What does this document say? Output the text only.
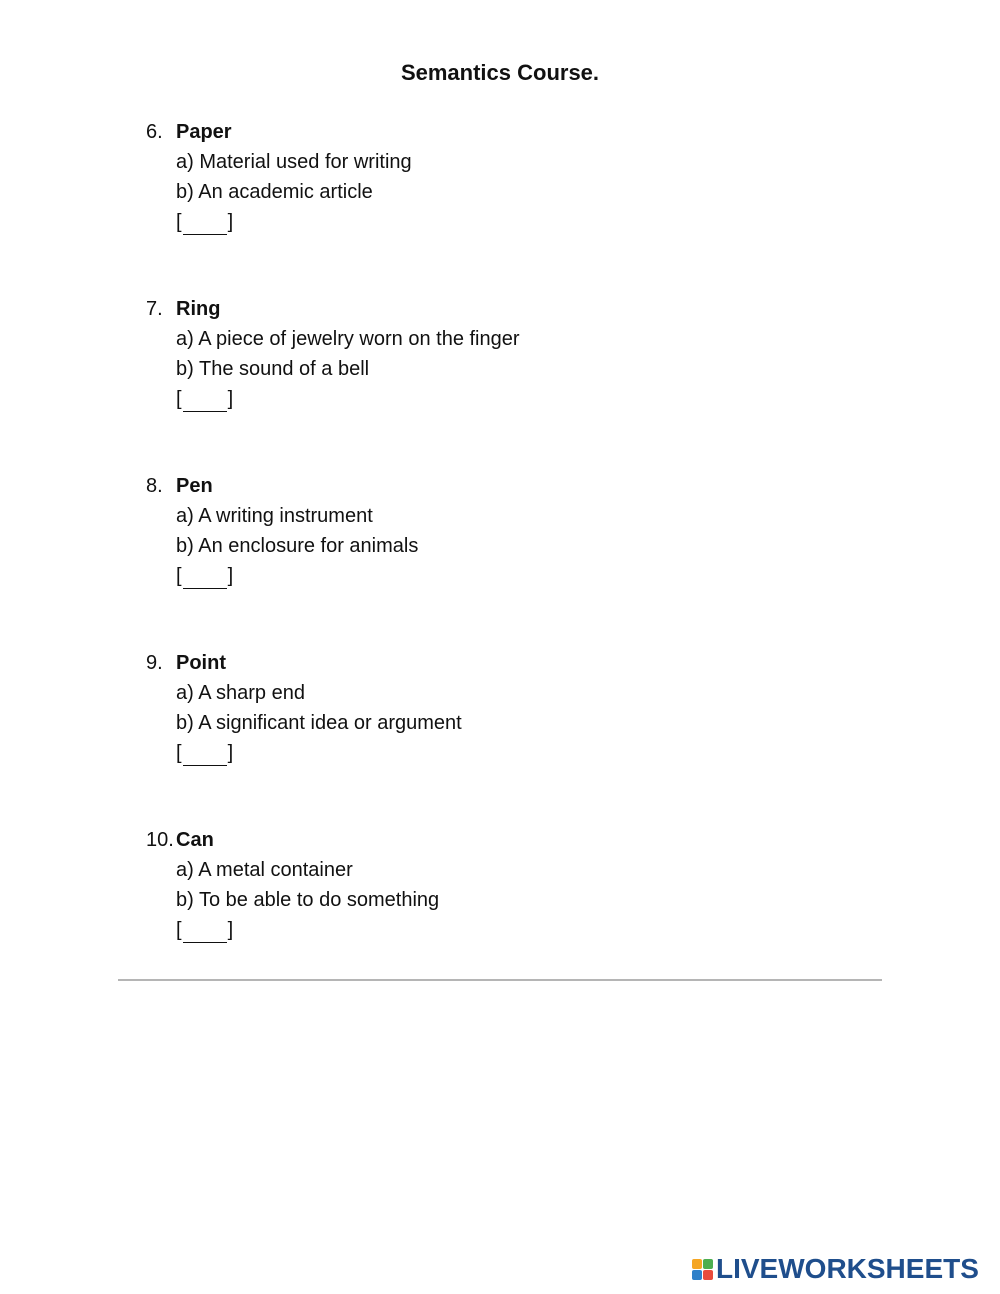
Semantics Course.
6. Paper
a) Material used for writing
b) An academic article
[ ]
7. Ring
a) A piece of jewelry worn on the finger
b) The sound of a bell
[ ]
8. Pen
a) A writing instrument
b) An enclosure for animals
[ ]
9. Point
a) A sharp end
b) A significant idea or argument
[ ]
10. Can
a) A metal container
b) To be able to do something
[ ]
LIVEWORKSHEETS
